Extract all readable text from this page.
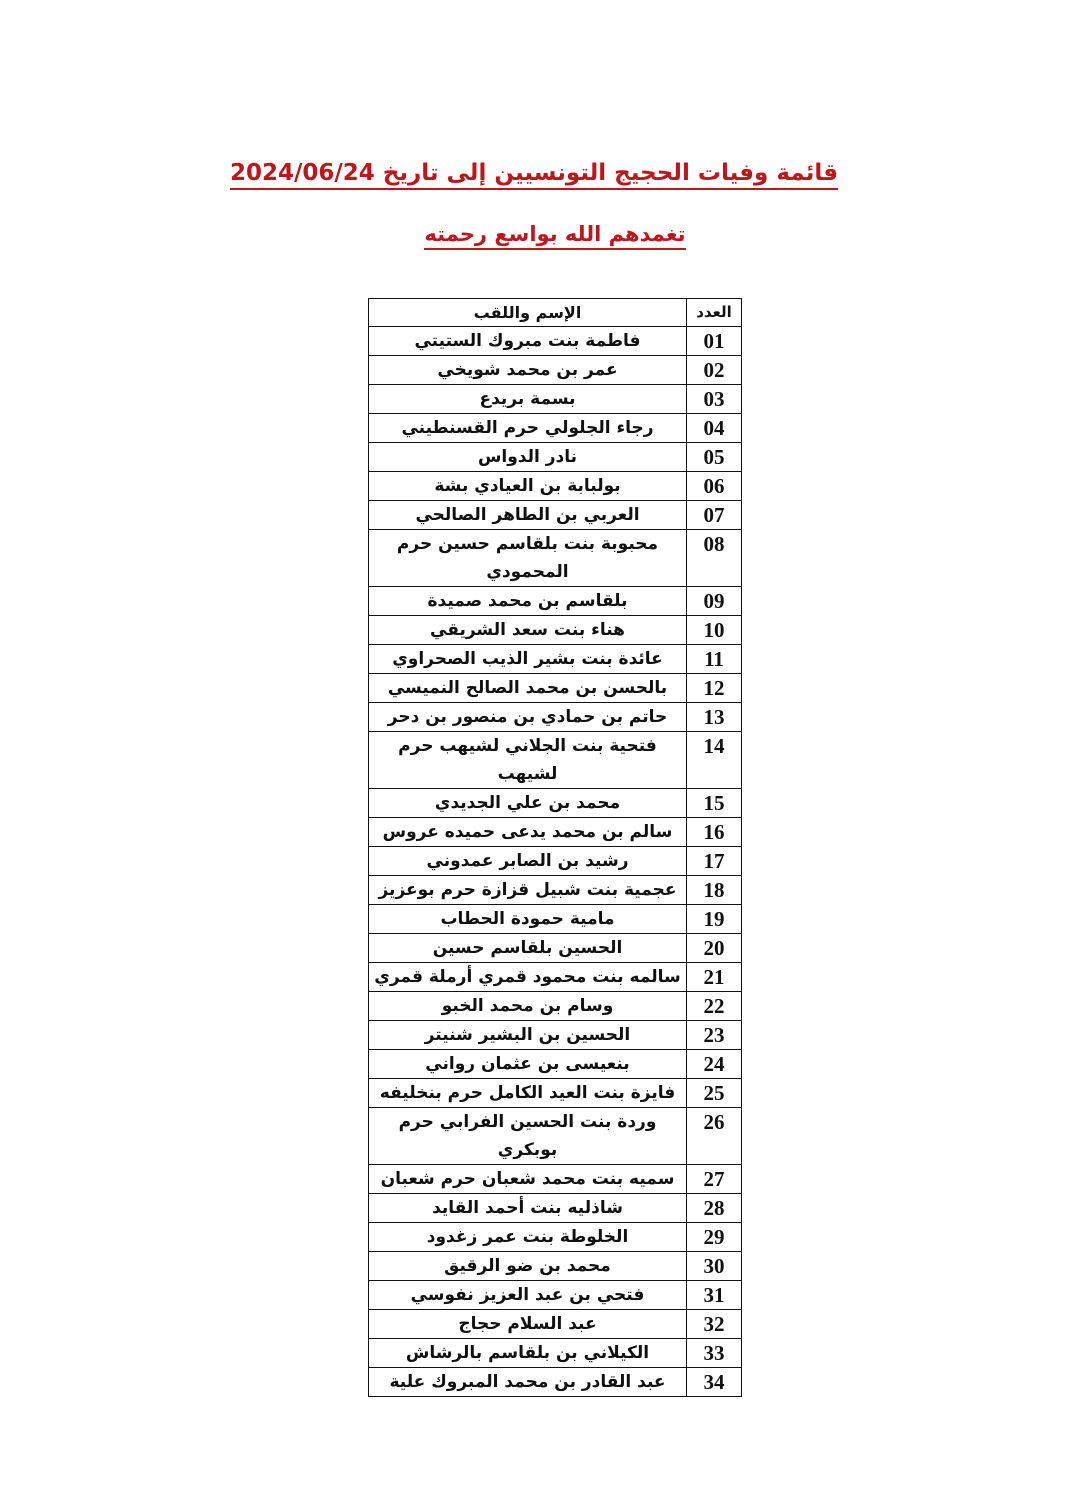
قائمة وفيات الحجيج التونسيين إلى تاريخ 2024/06/24
تغمدهم الله بواسع رحمته
العدد	الإسم واللقب
01	فاطمة بنت مبروك الستيتي
02	عمر بن محمد شويخي
03	بسمة بريدع
04	رجاء الجلولي حرم القسنطيني
05	نادر الدواس
06	بولبابة بن العيادي بشة
07	العربي بن الطاهر الصالحي
08	محبوبة بنت بلقاسم حسين حرم المحمودي
09	بلقاسم بن محمد صميدة
10	هناء بنت سعد الشريقي
11	عائدة بنت بشير الذيب الصحراوي
12	بالحسن بن محمد الصالح النميسي
13	حاتم بن حمادي بن منصور بن دحر
14	فتحية بنت الجلاني لشيهب حرم لشيهب
15	محمد بن علي الجديدي
16	سالم بن محمد يدعى حميده عروس
17	رشيد بن الصابر عمدوني
18	عجمية بنت شبيل قزازة حرم بوعزيز
19	مامية حمودة الحطاب
20	الحسين بلقاسم حسين
21	سالمه بنت محمود قمري أرملة قمري
22	وسام بن محمد الخبو
23	الحسين بن البشير شنيتر
24	بنعيسى بن عثمان رواني
25	فايزة بنت العيد الكامل حرم بنخليفه
26	وردة بنت الحسين الفرابي حرم بوبكري
27	سميه بنت محمد شعبان حرم شعبان
28	شاذليه بنت أحمد القايد
29	الخلوطة بنت عمر زغدود
30	محمد بن ضو الرقيق
31	فتحي بن عبد العزيز نفوسي
32	عبد السلام حجاج
33	الكيلاني بن بلقاسم بالرشاش
34	عبد القادر بن محمد المبروك علية
